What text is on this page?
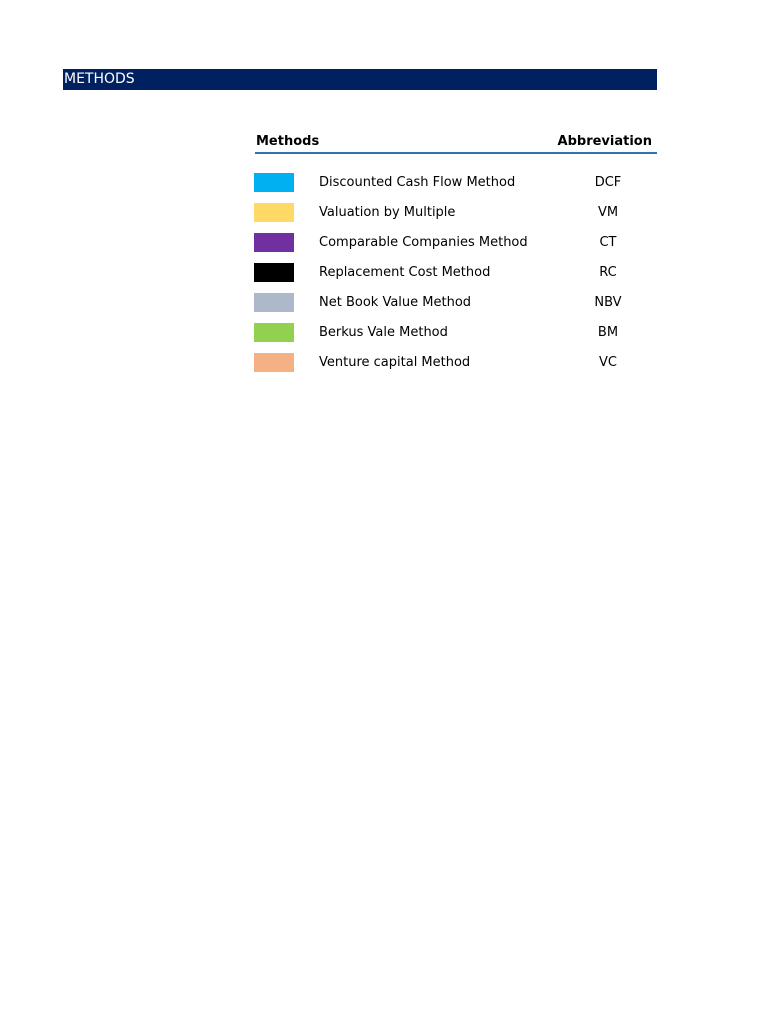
METHODS
Methods	Abbreviation
Discounted Cash Flow Method	DCF
Valuation by Multiple	VM
Comparable Companies Method	CT
Replacement Cost Method	RC
Net Book Value Method	NBV
Berkus Vale Method	BM
Venture capital Method	VC
